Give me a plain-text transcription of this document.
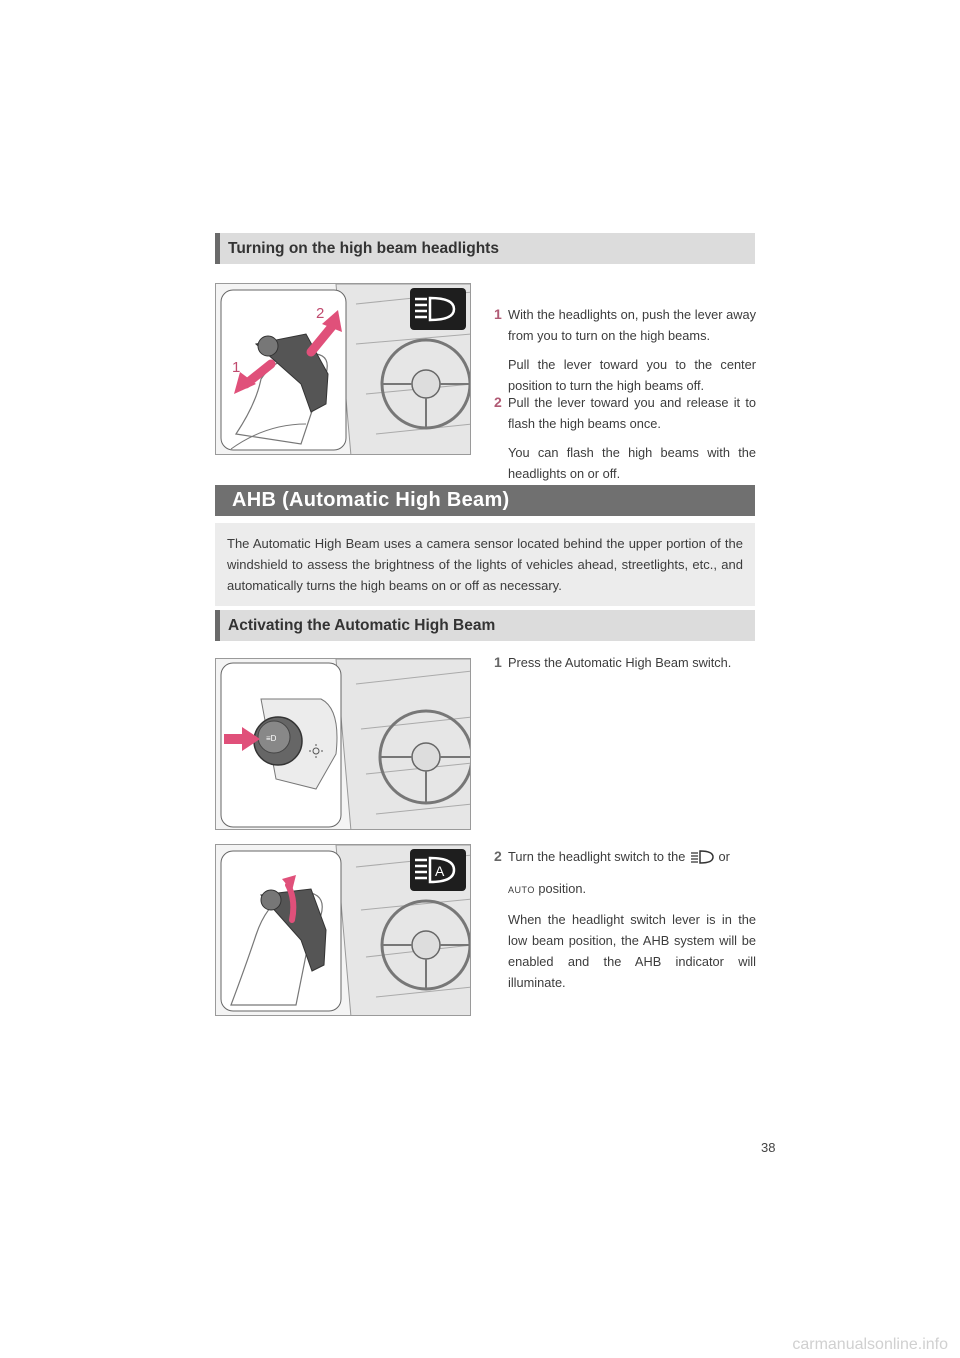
Turning on the high beam headlights
2
1
1 With the headlights on, push the lever away from you to turn on the high beams.

Pull the lever toward you to the center position to turn the high beams off.

2 Pull the lever toward you and release it to flash the high beams once.

You can flash the high beams with the headlights on or off.

AHB (Automatic High Beam)
The Automatic High Beam uses a camera sensor located behind the upper portion of the windshield to assess the brightness of the lights of vehicles ahead, streetlights, etc., and automatically turns the high beams on or off as necessary.
Activating the Automatic High Beam
≡D
1 Press the Automatic High Beam switch.

A
2 Turn the headlight switch to the	or

AUTO position.

When the headlight switch lever is in the low beam position, the AHB system will be enabled and the AHB indicator will illuminate.

38
carmanualsonline.info
